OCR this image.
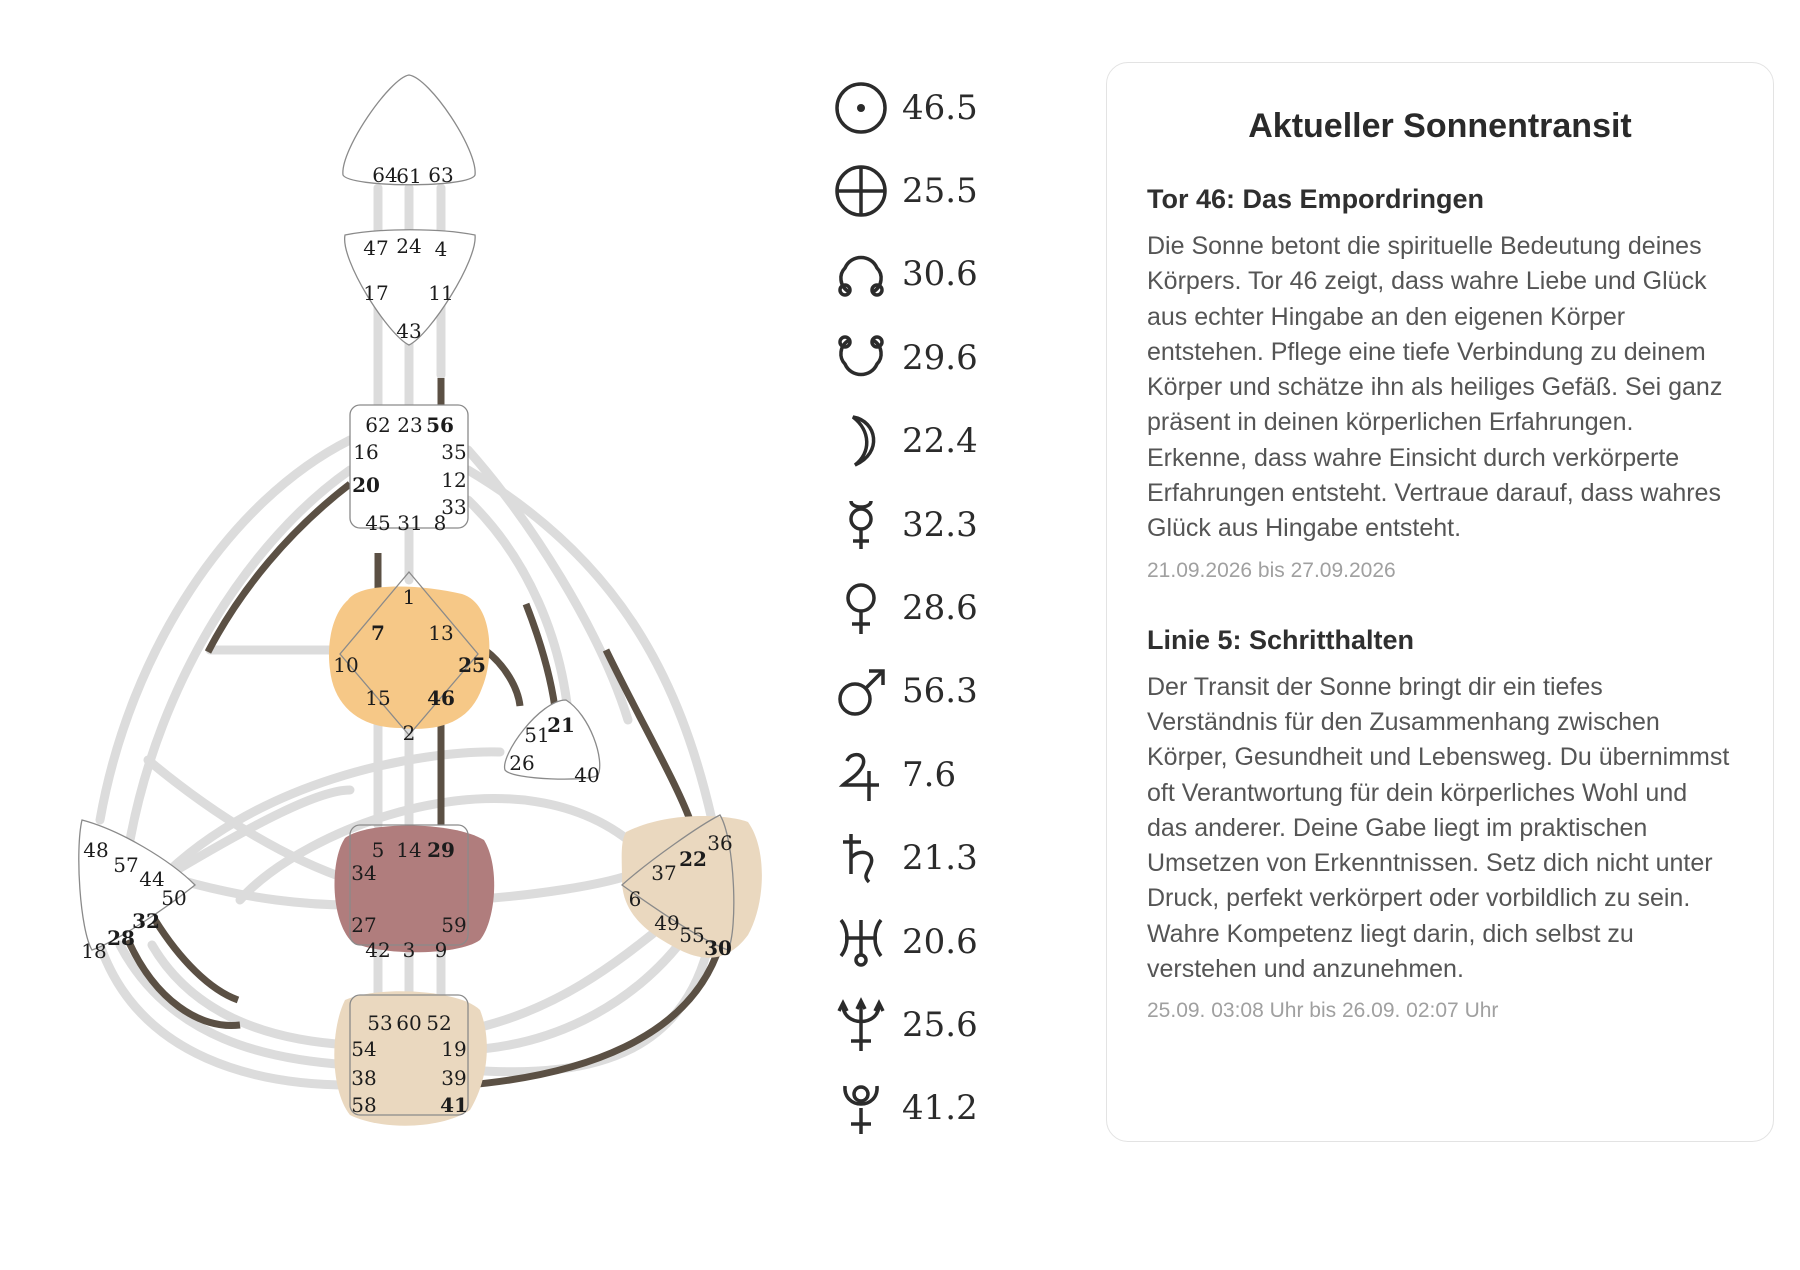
64
61 63
47 24 4
17 11
43
62 23 56
16	35
20	12
45 31 8
33
1
7 13
10	25
15 46
2	21
51
26 40
48
57
44
50
32
28
18
5 14 29
34
27	59
42 3 9
36
22
37
6
49 55
30
53 60 52
54	19
38	39
58	41
46.5
25.5
30.6
29.6
22.4
32.3
28.6
56.3
7.6
21.3
20.6
25.6
41.2
Aktueller Sonnentransit
Tor 46: Das Empordringen

Die Sonne betont die spirituelle Bedeutung deines Körpers. Tor 46 zeigt, dass wahre Liebe und Glück aus echter Hingabe an den eigenen Körper entstehen. Pflege eine tiefe Verbindung zu deinem Körper und schätze ihn als heiliges Gefäß. Sei ganz präsent in deinen körperlichen Erfahrungen. Erkenne, dass wahre Einsicht durch verkörperte Erfahrungen entsteht. Vertraue darauf, dass wahres Glück aus Hingabe entsteht.

21.09.2026 bis 27.09.2026

Linie 5: Schritthalten

Der Transit der Sonne bringt dir ein tiefes Verständnis für den Zusammenhang zwischen Körper, Gesundheit und Lebensweg. Du übernimmst oft Verantwortung für dein körperliches Wohl und das anderer. Deine Gabe liegt im praktischen Umsetzen von Erkenntnissen. Setz dich nicht unter Druck, perfekt verkörpert oder vorbildlich zu sein. Wahre Kompetenz liegt darin, dich selbst zu verstehen und anzunehmen.

25.09. 03:08 Uhr bis 26.09. 02:07 Uhr
